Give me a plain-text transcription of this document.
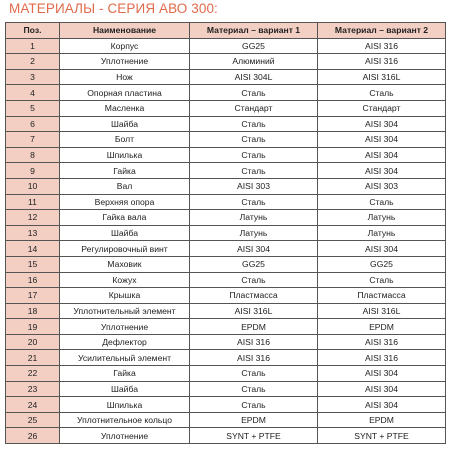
МАТЕРИАЛЫ - СЕРИЯ АВО 300:
Поз.	Наименование	Материал – вариант 1	Материал – вариант 2
1	Корпус	GG25	AISI 316
2	Уплотнение	Алюминий	AISI 316
3	Нож	AISI 304L	AISI 316L
4	Опорная пластина	Сталь	Сталь
5	Масленка	Стандарт	Стандарт
6	Шайба	Сталь	AISI 304
7	Болт	Сталь	AISI 304
8	Шпилька	Сталь	AISI 304
9	Гайка	Сталь	AISI 304
10	Вал	AISI 303	AISI 303
11	Верхняя опора	Сталь	Сталь
12	Гайка вала	Латунь	Латунь
13	Шайба	Латунь	Латунь
14	Регулировочный винт	AISI 304	AISI 304
15	Маховик	GG25	GG25
16	Кожух	Сталь	Сталь
17	Крышка	Пластмасса	Пластмасса
18	Уплотнительный элемент	AISI 316L	AISI 316L
19	Уплотнение	EPDM	EPDM
20	Дефлектор	AISI 316	AISI 316
21	Усилительный элемент	AISI 316	AISI 316
22	Гайка	Сталь	AISI 304
23	Шайба	Сталь	AISI 304
24	Шпилька	Сталь	AISI 304
25	Уплотнительное кольцо	EPDM	EPDM
26	Уплотнение	SYNT + PTFE	SYNT + PTFE
